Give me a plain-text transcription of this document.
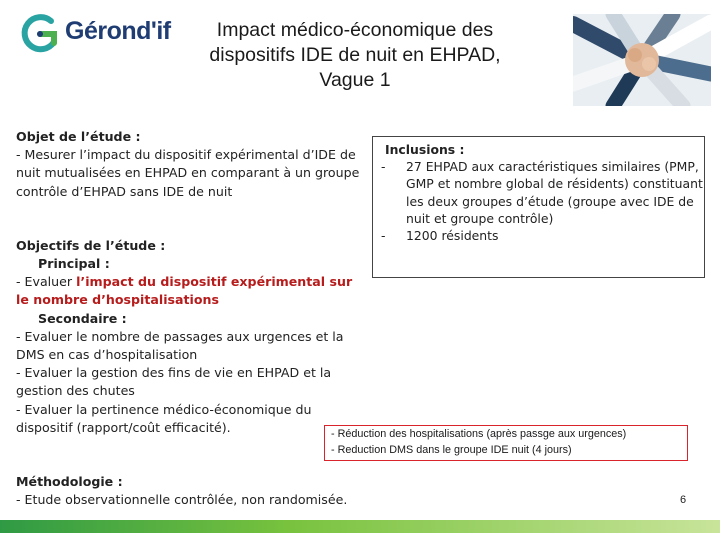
Gérond'if	Impact médico-économique des
dispositifs IDE de nuit en EHPAD,
Vague 1

Objet de l’étude :

- Mesurer l’impact du dispositif expérimental d’IDE de nuit mutualisées en EHPAD en comparant à un groupe contrôle d’EHPAD sans IDE de nuit

Objectifs de l’étude :

Principal :

- Evaluer l’impact du dispositif expérimental sur le nombre d’hospitalisations

Secondaire :

- Evaluer le nombre de passages aux urgences et la DMS en cas d’hospitalisation

- Evaluer la gestion des fins de vie en EHPAD et la gestion des chutes

- Evaluer la pertinence médico-économique du dispositif (rapport/coût efficacité).

Méthodologie :

- Etude observationnelle contrôlée, non randomisée.

Inclusions :
-	27 EHPAD aux caractéristiques similaires (PMP, GMP et nombre global de résidents) constituant les deux groupes d’étude (groupe avec IDE de nuit et groupe contrôle)
-	1200 résidents
- Réduction des hospitalisations (après passge aux urgences)
- Reduction DMS dans le groupe IDE nuit (4 jours)
6
